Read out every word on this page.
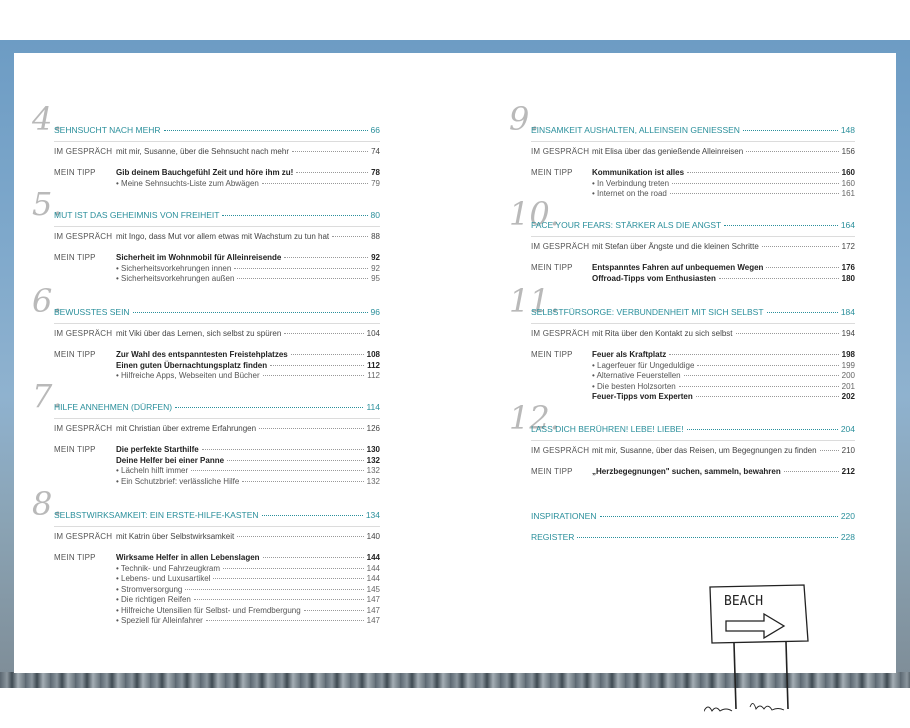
BEACH
4.
SEHNSUCHT NACH MEHR	66
IM GESPRÄCH mit mir, Susanne, über die Sehnsucht nach mehr	74
MEIN TIPP	Gib deinem Bauchgefühl Zeit und höre ihm zu!	78
• Meine Sehnsuchts-Liste zum Abwägen	79
5.
MUT IST DAS GEHEIMNIS VON FREIHEIT	80
IM GESPRÄCH mit Ingo, dass Mut vor allem etwas mit Wachstum zu tun hat	88
MEIN TIPP	Sicherheit im Wohnmobil für Alleinreisende	92
• Sicherheitsvorkehrungen innen	92
• Sicherheitsvorkehrungen außen	95
6.
BEWUSSTES SEIN	96
IM GESPRÄCH mit Viki über das Lernen, sich selbst zu spüren	104
MEIN TIPP	Zur Wahl des entspanntesten Freistehplatzes	108
Einen guten Übernachtungsplatz finden	112
• Hilfreiche Apps, Webseiten und Bücher	112
7.
HILFE ANNEHMEN (DÜRFEN)	114
IM GESPRÄCH mit Christian über extreme Erfahrungen	126
MEIN TIPP	Die perfekte Starthilfe	130
Deine Helfer bei einer Panne	132
• Lächeln hilft immer	132
• Ein Schutzbrief: verlässliche Hilfe	132
8.
SELBSTWIRKSAMKEIT: EIN ERSTE-HILFE-KASTEN	134
IM GESPRÄCH mit Katrin über Selbstwirksamkeit	140
MEIN TIPP	Wirksame Helfer in allen Lebenslagen	144
• Technik- und Fahrzeugkram	144
• Lebens- und Luxusartikel	144
• Stromversorgung	145
• Die richtigen Reifen	147
• Hilfreiche Utensilien für Selbst- und Fremdbergung	147
• Speziell für Alleinfahrer	147
9.
EINSAMKEIT AUSHALTEN, ALLEINSEIN GENIESSEN	148
IM GESPRÄCH mit Elisa über das genießende Alleinreisen	156
MEIN TIPP Kommunikation ist alles	160
• In Verbindung treten	160
• Internet on the road	161
10.
FACE YOUR FEARS: STÄRKER ALS DIE ANGST	164
IM GESPRÄCH mit Stefan über Ängste und die kleinen Schritte	172
MEIN TIPP Entspanntes Fahren auf unbequemen Wegen	176
Offroad-Tipps vom Enthusiasten	180
11.
SELBSTFÜRSORGE: VERBUNDENHEIT MIT SICH SELBST	184
IM GESPRÄCH mit Rita über den Kontakt zu sich selbst	194
MEIN TIPP Feuer als Kraftplatz	198
• Lagerfeuer für Ungeduldige	199
• Alternative Feuerstellen	200
• Die besten Holzsorten	201
Feuer-Tipps vom Experten	202
12.
LASS DICH BERÜHREN! LEBE! LIEBE!	204
IM GESPRÄCH mit mir, Susanne, über das Reisen, um Begegnungen zu finden	210
MEIN TIPP „Herzbegegnungen" suchen, sammeln, bewahren	212
INSPIRATIONEN	220
REGISTER	228
